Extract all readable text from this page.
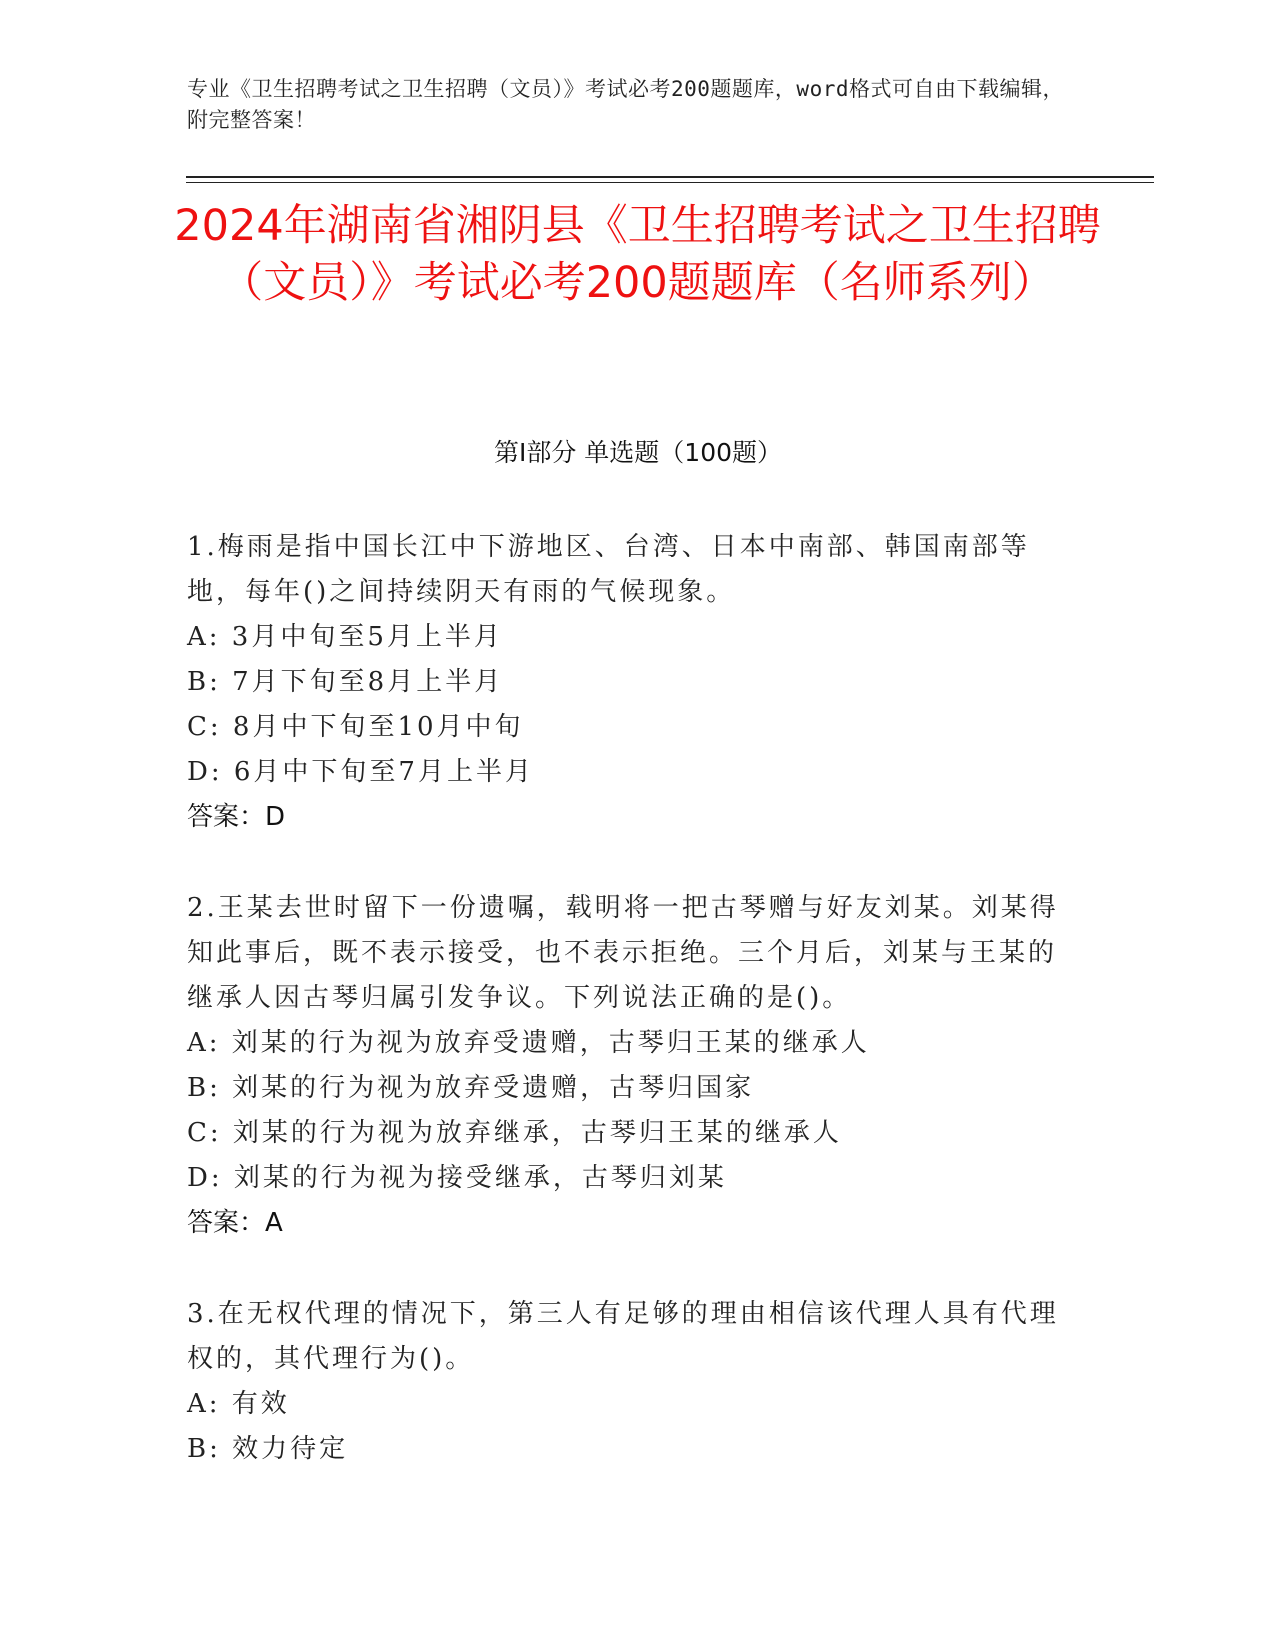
专业《卫生招聘考试之卫生招聘（文员）》考试必考200题题库，word格式可自由下载编辑，附完整答案！
2024年湖南省湘阴县《卫生招聘考试之卫生招聘（文员）》考试必考200题题库（名师系列）
第Ⅰ部分 单选题（100题）
1.梅雨是指中国长江中下游地区、台湾、日本中南部、韩国南部等地，每年()之间持续阴天有雨的气候现象。
A: 3月中旬至5月上半月
B: 7月下旬至8月上半月
C: 8月中下旬至10月中旬
D: 6月中下旬至7月上半月
答案：D
2.王某去世时留下一份遗嘱，载明将一把古琴赠与好友刘某。刘某得知此事后，既不表示接受，也不表示拒绝。三个月后，刘某与王某的继承人因古琴归属引发争议。下列说法正确的是()。
A: 刘某的行为视为放弃受遗赠，古琴归王某的继承人
B: 刘某的行为视为放弃受遗赠，古琴归国家
C: 刘某的行为视为放弃继承，古琴归王某的继承人
D: 刘某的行为视为接受继承，古琴归刘某
答案：A
3.在无权代理的情况下，第三人有足够的理由相信该代理人具有代理权的，其代理行为()。
A: 有效
B: 效力待定
